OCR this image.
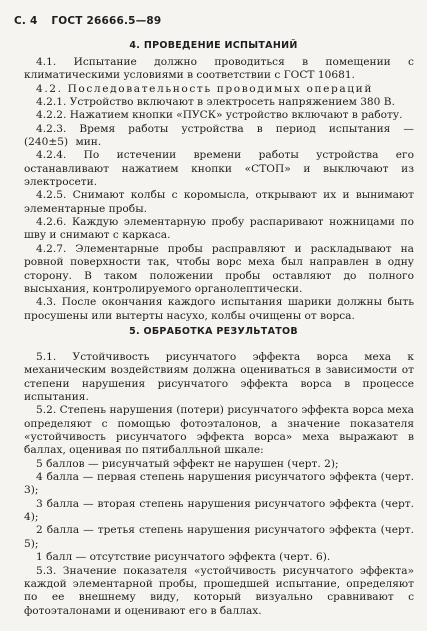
С. 4 ГОСТ 26666.5—89
4. ПРОВЕДЕНИЕ ИСПЫТАНИЙ

4.1. Испытание должно проводиться в помещении с климатическими условиями в соответствии с ГОСТ 10681.

4.2. Последовательность проводимых операций

4.2.1. Устройство включают в электросеть напряжением 380 В.

4.2.2. Нажатием кнопки «ПУСК» устройство включают в работу.

4.2.3. Время работы устройства в период испытания — (240±5) мин.

4.2.4. По истечении времени работы устройства его останавливают нажатием кнопки «СТОП» и выключают из электросети.

4.2.5. Снимают колбы с коромысла, открывают их и вынимают элементарные пробы.

4.2.6. Каждую элементарную пробу распаривают ножницами по шву и снимают с каркаса.

4.2.7. Элементарные пробы расправляют и раскладывают на ровной поверхности так, чтобы ворс меха был направлен в одну сторону. В таком положении пробы оставляют до полного высыхания, контролируемого органолептически.

4.3. После окончания каждого испытания шарики должны быть просушены или вытерты насухо, колбы очищены от ворса.

5. ОБРАБОТКА РЕЗУЛЬТАТОВ

5.1. Устойчивость рисунчатого эффекта ворса меха к механическим воздействиям должна оцениваться в зависимости от степени нарушения рисунчатого эффекта ворса в процессе испытания.

5.2. Степень нарушения (потери) рисунчатого эффекта ворса меха определяют с помощью фотоэталонов, а значение показателя «устойчивость рисунчатого эффекта ворса» меха выражают в баллах, оценивая по пятибалльной шкале:

5 баллов — рисунчатый эффект не нарушен (черт. 2);

4 балла — первая степень нарушения рисунчатого эффекта (черт. 3);

3 балла — вторая степень нарушения рисунчатого эффекта (черт. 4);

2 балла — третья степень нарушения рисунчатого эффекта (черт. 5);

1 балл — отсутствие рисунчатого эффекта (черт. 6).

5.3. Значение показателя «устойчивость рисунчатого эффекта» каждой элементарной пробы, прошедшей испытание, определяют по ее внешнему виду, который визуально сравнивают с фотоэталонами и оценивают его в баллах.
